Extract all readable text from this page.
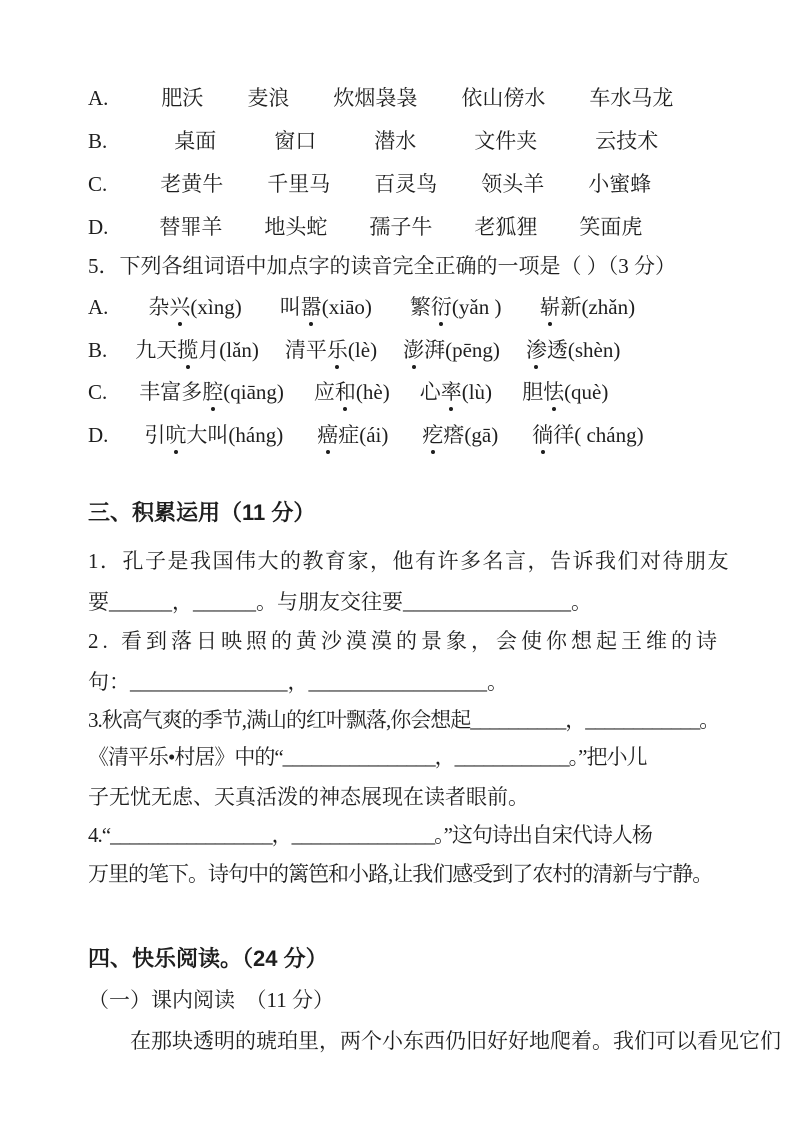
A.	肥沃 麦浪 炊烟袅袅 依山傍水 车水马龙
B.	桌面	窗口	潜水	文件夹	云技术
C.	老黄牛 千里马 百灵鸟 领头羊 小蜜蜂
D. 替罪羊 地头蛇 孺子牛 老狐狸 笑面虎
5．下列各组词语中加点字的读音完全正确的一项是（ ）（3 分）
A. 杂兴(xìng) 叫嚣(xiāo) 繁衍(yǎn ) 崭新(zhǎn)
B. 九天揽月(lǎn) 清平乐(lè) 澎湃(pēng) 渗透(shèn)
C. 丰富多腔(qiāng) 应和(hè) 心率(lù) 胆怯(què)
D. 引吭大叫(háng) 癌症(ái) 疙瘩(gā) 徜徉( cháng)
三、积累运用（11 分）
1．孔子是我国伟大的教育家，他有许多名言，告诉我们对待朋友
要______，______。与朋友交往要________________。
2. 看到落日映照的黄沙漠漠的景象，会使你想起王维的诗
句：_______________，_________________。
3.秋高气爽的季节,满山的红叶飘落,你会想起__________，____________。
《清平乐•村居》中的“________________，____________。”把小儿
子无忧无虑、天真活泼的神态展现在读者眼前。
4.“_________________，_______________。”这句诗出自宋代诗人杨
万里的笔下。诗句中的篱笆和小路,让我们感受到了农村的清新与宁静。
四、快乐阅读。（24 分）
（一）课内阅读　（11 分）
在那块透明的琥珀里，两个小东西仍旧好好地爬着。我们可以看见它们
